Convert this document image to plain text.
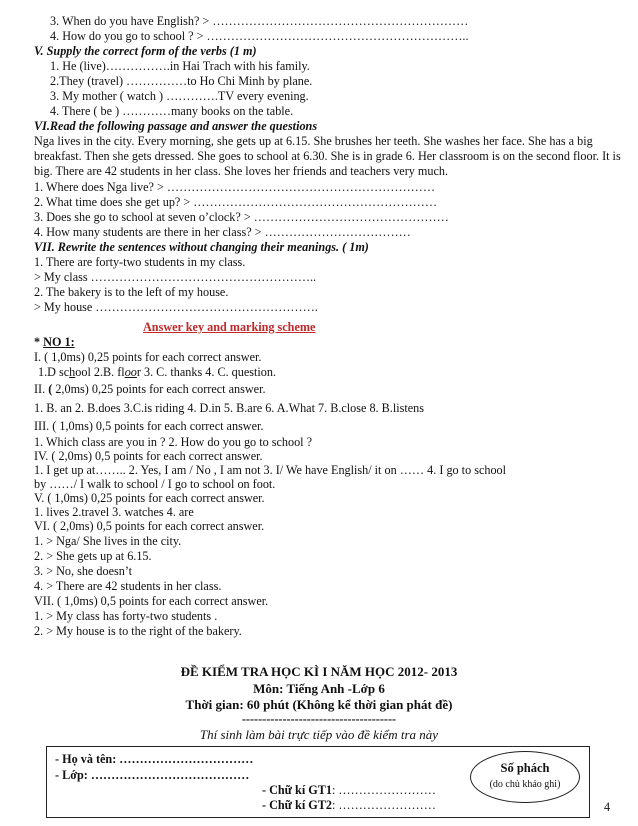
3. When do you have English? > ………………………………………………………
4. How do you go to school ? > ………………………………………………………..
V. Supply the correct form of the verbs (1 m)
1. He (live)…………….in Hai Trach with his family.
2.They (travel) ……………to Ho Chi Minh by plane.
3. My mother ( watch ) ………….TV every evening.
4. There ( be ) …………many books on the table.
VI.Read the following passage and answer the questions
Nga lives in the city. Every morning, she gets up at 6.15. She brushes her teeth. She washes her face. She has a big breakfast. Then she gets dressed. She goes to school at 6.30. She is in grade 6. Her classroom is on the second floor. It is big. There are 42 students in her class. She loves her friends and teachers very much.
1. Where does Nga live? > …………………………………………………………
2. What time does she get up? > ……………………………………………………
3. Does she go to school at seven o’clock? > …………………………………………
4. How many students are there in her class? > ………………………………
VII. Rewrite the sentences without changing their meanings. ( 1m)
1. There are forty-two students in my class.
> My class ………………………………………………..
2. The bakery is to the left of my house.
> My house ……………………………………………….
Answer key and marking scheme
* NO 1:
I. ( 1,0ms) 0,25 points for each correct answer.
1.D school 2.B. floor 3. C. thanks 4. C. question.
II. ( 2,0ms) 0,25 points for each correct answer.
1. B. an 2. B.does 3.C.is riding 4. D.in 5. B.are 6. A.What 7. B.close 8. B.listens
III. ( 1,0ms) 0,5 points for each correct answer.
1. Which class are you in ? 2. How do you go to school ?
IV. ( 2,0ms) 0,5 points for each correct answer.
1. I get up at…….. 2. Yes, I am / No , I am not 3. I/ We have English/ it on …… 4. I go to school
by ……/ I walk to school / I go to school on foot.
V. ( 1,0ms) 0,25 points for each correct answer.
1. lives 2.travel 3. watches 4. are
VI. ( 2,0ms) 0,5 points for each correct answer.
1. > Nga/ She lives in the city.
2. > She gets up at 6.15.
3. > No, she doesn’t
4. > There are 42 students in her class.
VII. ( 1,0ms) 0,5 points for each correct answer.
1. > My class has forty-two students .
2. > My house is to the right of the bakery.
ĐỀ KIỂM TRA HỌC KÌ I NĂM HỌC 2012- 2013
Môn: Tiếng Anh -Lớp 6
Thời gian: 60 phút (Không kể thời gian phát đề)
--------------------------------------
Thí sinh làm bài trực tiếp vào đề kiểm tra này
- Họ và tên: ……………………………
- Lớp: …………………………………
- Chữ kí GT1: ……………………
- Chữ kí GT2: ……………………
Số phách
(do chủ khảo ghi)
4
